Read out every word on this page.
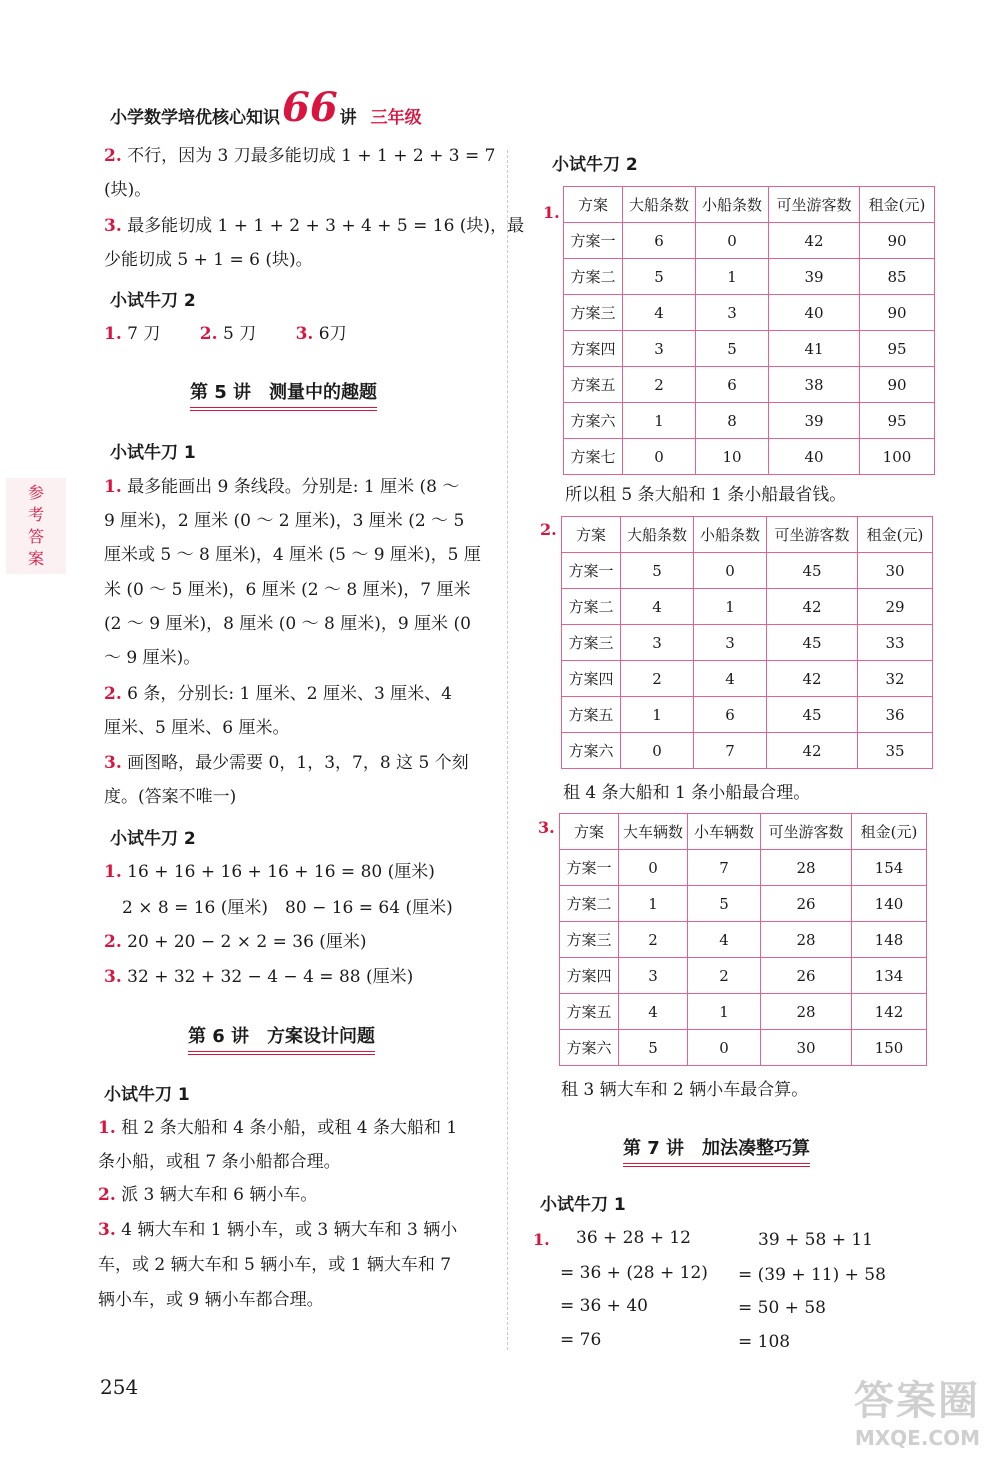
小学数学培优核心知识 66 讲 三年级
参
考
答
案
2. 不行，因为 3 刀最多能切成 1 + 1 + 2 + 3 = 7
(块)。
3. 最多能切成 1 + 1 + 2 + 3 + 4 + 5 = 16 (块)，最
少能切成 5 + 1 = 6 (块)。
小试牛刀 2
1. 7 刀 2. 5 刀 3. 6刀
第 5 讲　测量中的趣题
小试牛刀 1
1. 最多能画出 9 条线段。分别是: 1 厘米 (8 ～
9 厘米)，2 厘米 (0 ～ 2 厘米)，3 厘米 (2 ～ 5
厘米或 5 ～ 8 厘米)，4 厘米 (5 ～ 9 厘米)，5 厘
米 (0 ～ 5 厘米)，6 厘米 (2 ～ 8 厘米)，7 厘米
(2 ～ 9 厘米)，8 厘米 (0 ～ 8 厘米)，9 厘米 (0
～ 9 厘米)。
2. 6 条，分别长: 1 厘米、2 厘米、3 厘米、4
厘米、5 厘米、6 厘米。
3. 画图略，最少需要 0，1，3，7，8 这 5 个刻
度。(答案不唯一)
小试牛刀 2
1. 16 + 16 + 16 + 16 + 16 = 80 (厘米)
2 × 8 = 16 (厘米)　80 − 16 = 64 (厘米)
2. 20 + 20 − 2 × 2 = 36 (厘米)
3. 32 + 32 + 32 − 4 − 4 = 88 (厘米)
第 6 讲　方案设计问题
小试牛刀 1
1. 租 2 条大船和 4 条小船，或租 4 条大船和 1
条小船，或租 7 条小船都合理。
2. 派 3 辆大车和 6 辆小车。
3. 4 辆大车和 1 辆小车，或 3 辆大车和 3 辆小
车，或 2 辆大车和 5 辆小车，或 1 辆大车和 7
辆小车，或 9 辆小车都合理。
小试牛刀 2
1. 方案	大船条数	小船条数	可坐游客数	租金(元)
方案一	6	0	42	90
方案二	5	1	39	85
方案三	4	3	40	90
方案四	3	5	41	95
方案五	2	6	38	90
方案六	1	8	39	95
方案七	0	10	40	100
所以租 5 条大船和 1 条小船最省钱。
2. 方案	大船条数	小船条数	可坐游客数	租金(元)
方案一	5	0	45	30
方案二	4	1	42	29
方案三	3	3	45	33
方案四	2	4	42	32
方案五	1	6	45	36
方案六	0	7	42	35
租 4 条大船和 1 条小船最合理。
3. 方案	大车辆数	小车辆数	可坐游客数	租金(元)
方案一	0	7	28	154
方案二	1	5	26	140
方案三	2	4	28	148
方案四	3	2	26	134
方案五	4	1	28	142
方案六	5	0	30	150
租 3 辆大车和 2 辆小车最合算。
第 7 讲　加法凑整巧算
小试牛刀 1
1. 36 + 28 + 12
= 36 + (28 + 12)
= 36 + 40
= 76
39 + 58 + 11
= (39 + 11) + 58
= 50 + 58
= 108
254	答案圈
MXQE.COM
